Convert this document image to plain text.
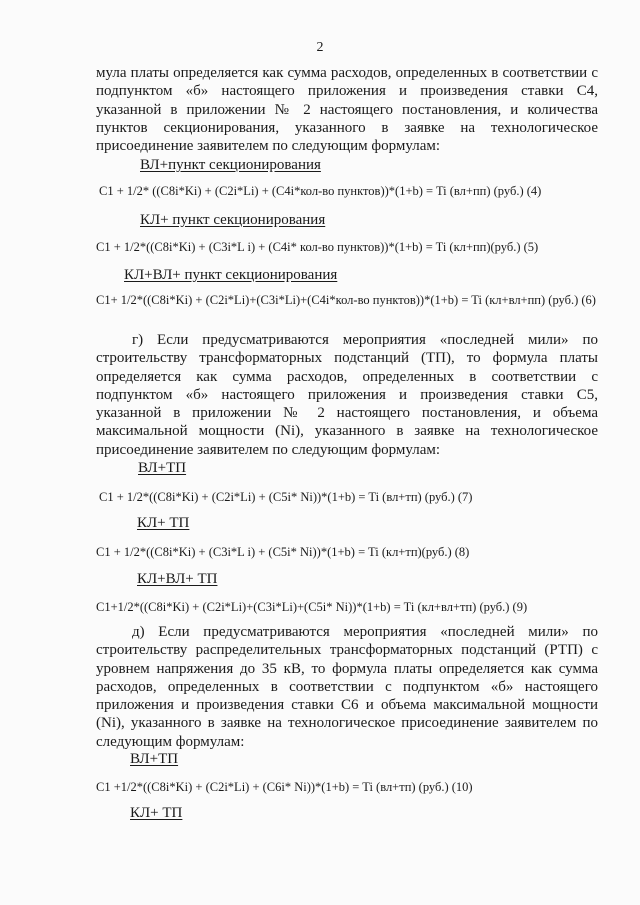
2
мула платы определяется как сумма расходов, определенных в соответствии с подпунктом «б» настоящего приложения и произведения ставки C4, указанной в приложении № 2 настоящего постановления, и количества пунктов секционирования, указанного в заявке на технологическое присоединение заявителем по следующим формулам:
ВЛ+пункт секционирования
C1 + 1/2* ((C8i*Ki) + (C2i*Li) + (C4i*кол-во пунктов))*(1+b) = Ti (вл+пп) (руб.) (4)
КЛ+ пункт секционирования
C1 + 1/2*((C8i*Ki) + (C3i*L i) + (C4i* кол-во пунктов))*(1+b) = Ti (кл+пп)(руб.) (5)
КЛ+ВЛ+ пункт секционирования
C1+ 1/2*((C8i*Ki) + (C2i*Li)+(C3i*Li)+(C4i*кол-во пунктов))*(1+b) = Ti (кл+вл+пп) (руб.) (6)
г) Если предусматриваются мероприятия «последней мили» по строительству трансформаторных подстанций (ТП), то формула платы определяется как сумма расходов, определенных в соответствии с подпунктом «б» настоящего приложения и произведения ставки C5, указанной в приложении № 2 настоящего постановления, и объема максимальной мощности (Ni), указанного в заявке на технологическое присоединение заявителем по следующим формулам:
ВЛ+ТП
C1 + 1/2*((C8i*Ki) + (C2i*Li) + (C5i* Ni))*(1+b) = Ti (вл+тп) (руб.) (7)
КЛ+ ТП
C1 + 1/2*((C8i*Ki) + (C3i*L i) + (C5i* Ni))*(1+b) = Ti (кл+тп)(руб.) (8)
КЛ+ВЛ+ ТП
C1+1/2*((C8i*Ki) + (C2i*Li)+(C3i*Li)+(C5i* Ni))*(1+b) = Ti (кл+вл+тп) (руб.) (9)
д) Если предусматриваются мероприятия «последней мили» по строительству распределительных трансформаторных подстанций (РТП) с уровнем напряжения до 35 кВ, то формула платы определяется как сумма расходов, определенных в соответствии с подпунктом «б» настоящего приложения и произведения ставки C6 и объема максимальной мощности (Ni), указанного в заявке на технологическое присоединение заявителем по следующим формулам:
ВЛ+ТП
C1 +1/2*((C8i*Ki) + (C2i*Li) + (C6i* Ni))*(1+b) = Ti (вл+тп) (руб.) (10)
КЛ+ ТП
